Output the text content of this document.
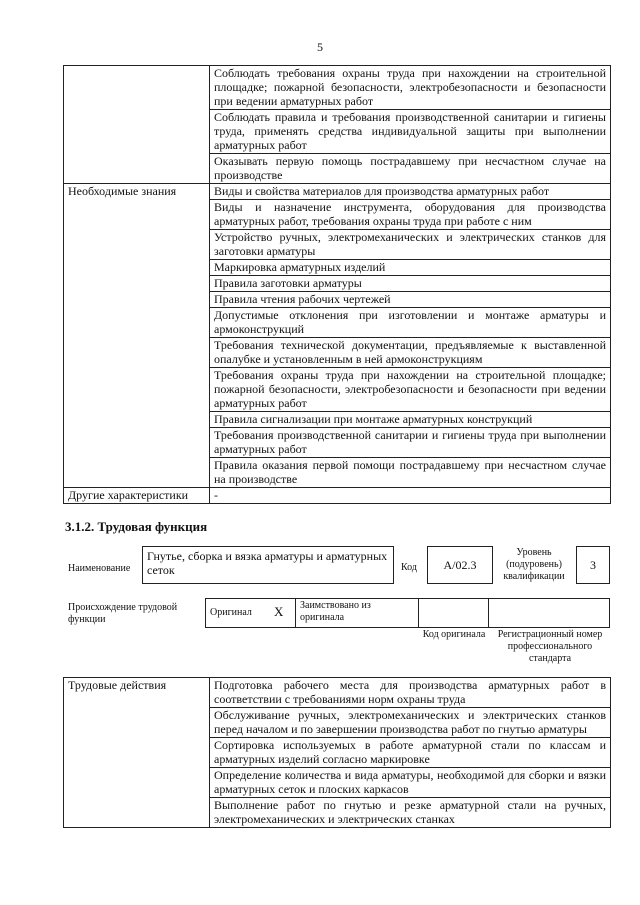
5
	Соблюдать требования охраны труда при нахождении на строительной площадке; пожарной безопасности, электробезопасности и безопасности при ведении арматурных работ
	Соблюдать правила и требования производственной санитарии и гигиены труда, применять средства индивидуальной защиты при выполнении арматурных работ
	Оказывать первую помощь пострадавшему при несчастном случае на производстве
Необходимые знания	Виды и свойства материалов для производства арматурных работ
	Виды и назначение инструмента, оборудования для производства арматурных работ, требования охраны труда при работе с ним
	Устройство ручных, электромеханических и электрических станков для заготовки арматуры
	Маркировка арматурных изделий
	Правила заготовки арматуры
	Правила чтения рабочих чертежей
	Допустимые отклонения при изготовлении и монтаже арматуры и армоконструкций
	Требования технической документации, предъявляемые к выставленной опалубке и установленным в ней армоконструкциям
	Требования охраны труда при нахождении на строительной площадке; пожарной безопасности, электробезопасности и безопасности при ведении арматурных работ
	Правила сигнализации при монтаже арматурных конструкций
	Требования производственной санитарии и гигиены труда при выполнении арматурных работ
	Правила оказания первой помощи пострадавшему при несчастном случае на производстве
Другие характеристики	-
3.1.2. Трудовая функция
Наименование
Гнутье, сборка и вязка арматуры и арматурных сеток	Код	A/02.3
Уровень (подуровень) квалификации
3
Происхождение трудовой функции
Оригинал X Заимствовано из оригинала
Код оригинала	Регистрационный номер профессионального стандарта
Трудовые действия	Подготовка рабочего места для производства арматурных работ в соответствии с требованиями норм охраны труда
Обслуживание ручных, электромеханических и электрических станков перед началом и по завершении производства работ по гнутью арматуры
Сортировка используемых в работе арматурной стали по классам и арматурных изделий согласно маркировке
Определение количества и вида арматуры, необходимой для сборки и вязки арматурных сеток и плоских каркасов
Выполнение работ по гнутью и резке арматурной стали на ручных, электромеханических и электрических станках
